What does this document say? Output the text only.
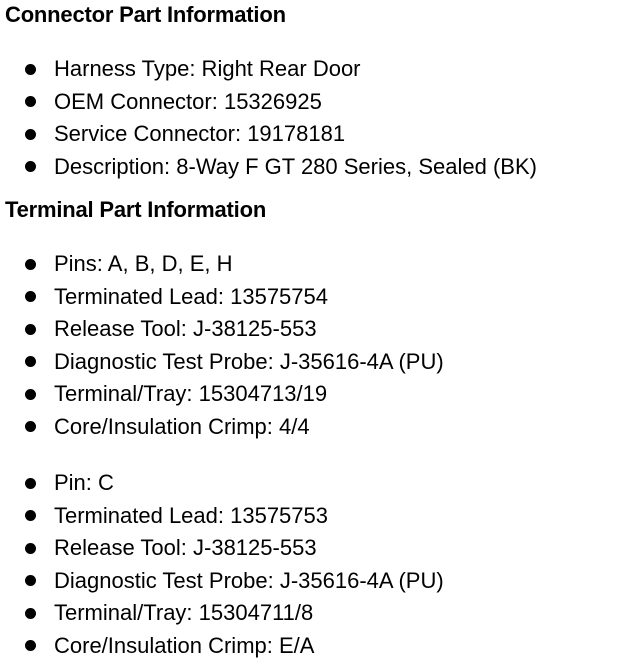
Connector Part Information
Harness Type: Right Rear Door
OEM Connector: 15326925
Service Connector: 19178181
Description: 8-Way F GT 280 Series, Sealed (BK)
Terminal Part Information
Pins: A, B, D, E, H
Terminated Lead: 13575754
Release Tool: J-38125-553
Diagnostic Test Probe: J-35616-4A (PU)
Terminal/Tray: 15304713/19
Core/Insulation Crimp: 4/4
Pin: C
Terminated Lead: 13575753
Release Tool: J-38125-553
Diagnostic Test Probe: J-35616-4A (PU)
Terminal/Tray: 15304711/8
Core/Insulation Crimp: E/A
